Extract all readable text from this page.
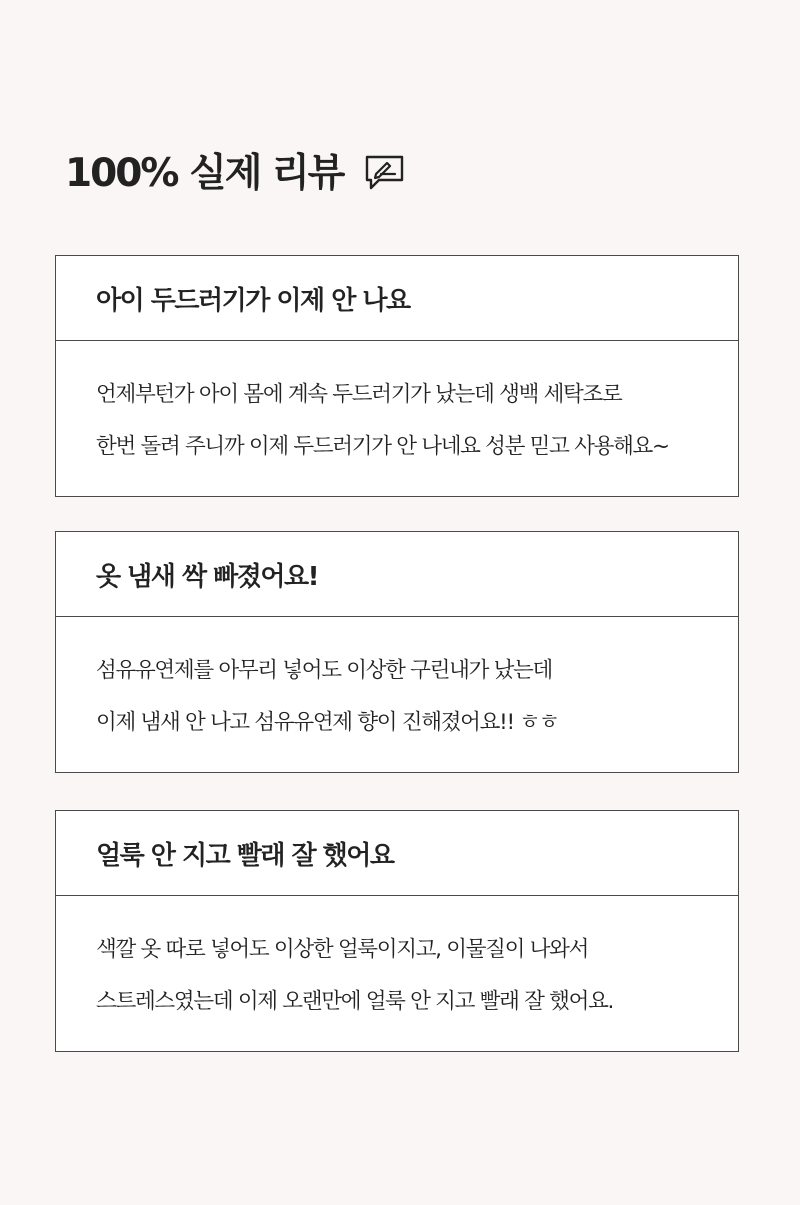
100% 실제 리뷰
아이 두드러기가 이제 안 나요
언제부턴가 아이 몸에 계속 두드러기가 났는데 생백 세탁조로
한번 돌려 주니까 이제 두드러기가 안 나네요 성분 믿고 사용해요~
옷 냄새 싹 빠졌어요!
섬유유연제를 아무리 넣어도 이상한 구린내가 났는데
이제 냄새 안 나고 섬유유연제 향이 진해졌어요!! ㅎㅎ
얼룩 안 지고 빨래 잘 했어요
색깔 옷 따로 넣어도 이상한 얼룩이지고, 이물질이 나와서
스트레스였는데 이제 오랜만에 얼룩 안 지고 빨래 잘 했어요.
